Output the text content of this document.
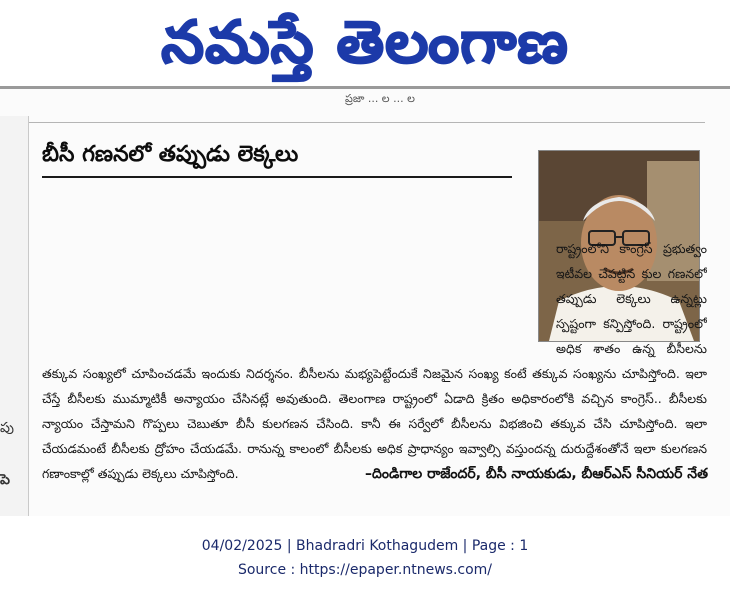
నమస్తే తెలంగాణ
ప్రజా ... ల ... ల
పు
పె
బీసీ గణనలో తప్పుడు లెక్కలు

రాష్ట్రంలోని కాంగ్రెస్ ప్రభుత్వం ఇటీవల చేపట్టిన కుల గణనలో తప్పుడు లెక్కలు ఉన్నట్లు స్పష్టంగా కన్పిస్తోంది. రాష్ట్రంలో అధిక శాతం ఉన్న బీసీలను తక్కువ సంఖ్యలో చూపించడమే ఇందుకు నిదర్శనం. బీసీలను మభ్యపెట్టేందుకే నిజమైన సంఖ్య కంటే తక్కువ సంఖ్యను చూపిస్తోంది. ఇలా చేస్తే బీసీలకు ముమ్మాటికీ అన్యాయం చేసినట్లే అవుతుంది. తెలంగాణ రాష్ట్రంలో ఏడాది క్రితం అధికారంలోకి వచ్చిన కాంగ్రెస్.. బీసీలకు న్యాయం చేస్తామని గొప్పలు చెబుతూ బీసీ కులగణన చేసింది. కానీ ఈ సర్వేలో బీసీలను విభజించి తక్కువ చేసి చూపిస్తోంది. ఇలా చేయడమంటే బీసీలకు ద్రోహం చేయడమే. రానున్న కాలంలో బీసీలకు అధిక ప్రాధాన్యం ఇవ్వాల్సి వస్తుందన్న దురుద్దేశంతోనే ఇలా కులగణన గణాంకాల్లో తప్పుడు లెక్కలు చూపిస్తోంది.	–దిండిగాల రాజేందర్, బీసీ నాయకుడు, బీఆర్ఎస్ సీనియర్ నేత
04/02/2025 | Bhadradri Kothagudem | Page : 1
Source : https://epaper.ntnews.com/
